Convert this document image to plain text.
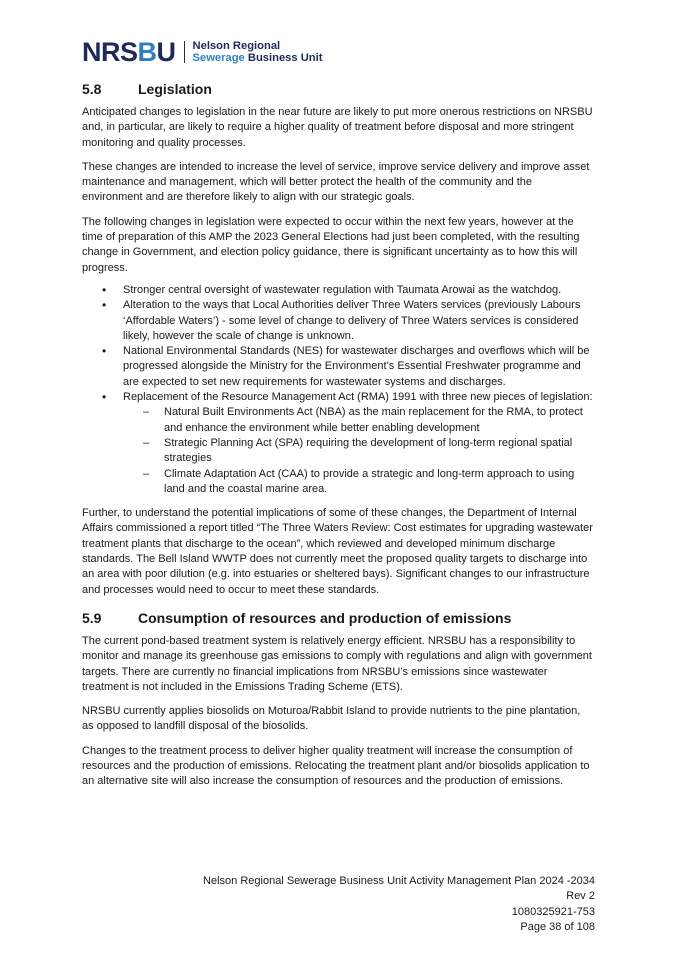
NRSBU Nelson Regional
Sewerage Business Unit
5.8	Legislation

Anticipated changes to legislation in the near future are likely to put more onerous restrictions on NRSBU and, in particular, are likely to require a higher quality of treatment before disposal and more stringent monitoring and quality processes.

These changes are intended to increase the level of service, improve service delivery and improve asset maintenance and management, which will better protect the health of the community and the environment and are therefore likely to align with our strategic goals.

The following changes in legislation were expected to occur within the next few years, however at the time of preparation of this AMP the 2023 General Elections had just been completed, with the resulting change in Government, and election policy guidance, there is significant uncertainty as to how this will progress.

• Stronger central oversight of wastewater regulation with Taumata Arowai as the watchdog.
• Alteration to the ways that Local Authorities deliver Three Waters services (previously Labours ‘Affordable Waters’) - some level of change to delivery of Three Waters services is considered likely, however the scale of change is unknown.
• National Environmental Standards (NES) for wastewater discharges and overflows which will be progressed alongside the Ministry for the Environment’s Essential Freshwater programme and are expected to set new requirements for wastewater systems and discharges.
• Replacement of the Resource Management Act (RMA) 1991 with three new pieces of legislation:
– Natural Built Environments Act (NBA) as the main replacement for the RMA, to protect and enhance the environment while better enabling development
– Strategic Planning Act (SPA) requiring the development of long-term regional spatial strategies
– Climate Adaptation Act (CAA) to provide a strategic and long-term approach to using land and the coastal marine area.

Further, to understand the potential implications of some of these changes, the Department of Internal Affairs commissioned a report titled “The Three Waters Review: Cost estimates for upgrading wastewater treatment plants that discharge to the ocean”, which reviewed and developed minimum discharge standards. The Bell Island WWTP does not currently meet the proposed quality targets to discharge into an area with poor dilution (e.g. into estuaries or sheltered bays). Significant changes to our infrastructure and processes would need to occur to meet these standards.

5.9	Consumption of resources and production of emissions

The current pond-based treatment system is relatively energy efficient. NRSBU has a responsibility to monitor and manage its greenhouse gas emissions to comply with regulations and align with government targets. There are currently no financial implications from NRSBU’s emissions since wastewater treatment is not included in the Emissions Trading Scheme (ETS).

NRSBU currently applies biosolids on Moturoa/Rabbit Island to provide nutrients to the pine plantation, as opposed to landfill disposal of the biosolids.

Changes to the treatment process to deliver higher quality treatment will increase the consumption of resources and the production of emissions. Relocating the treatment plant and/or biosolids application to an alternative site will also increase the consumption of resources and the production of emissions.

Nelson Regional Sewerage Business Unit Activity Management Plan 2024 -2034
Rev 2
1080325921-753
Page 38 of 108
